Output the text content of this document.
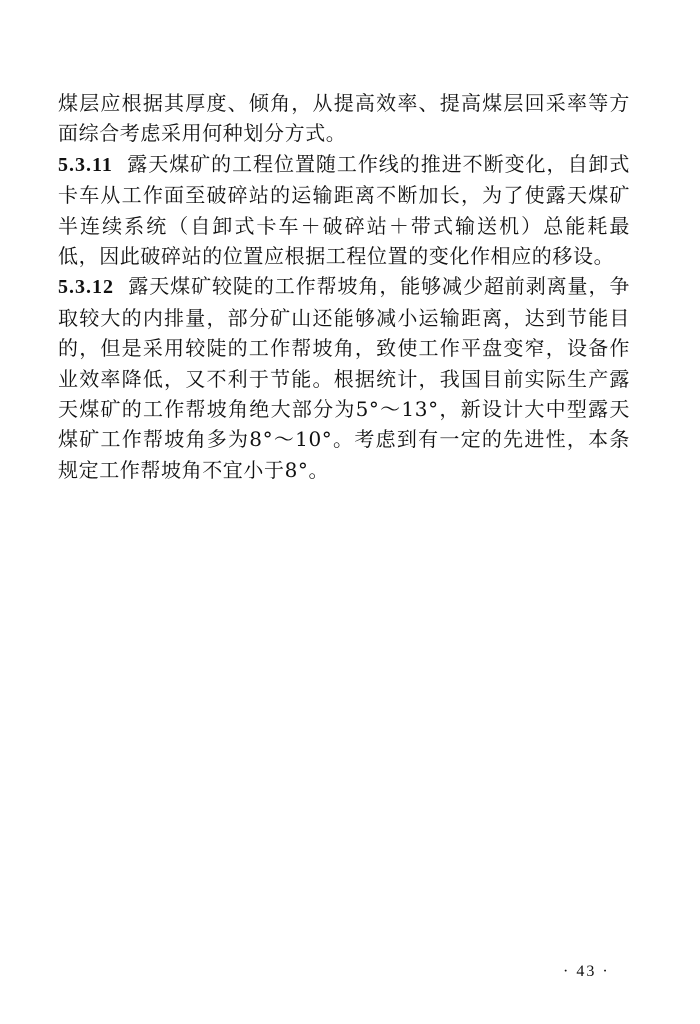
煤层应根据其厚度、倾角，从提高效率、提高煤层回采率等方面综合考虑采用何种划分方式。

5.3.11 露天煤矿的工程位置随工作线的推进不断变化，自卸式卡车从工作面至破碎站的运输距离不断加长，为了使露天煤矿半连续系统（自卸式卡车＋破碎站＋带式输送机）总能耗最低，因此破碎站的位置应根据工程位置的变化作相应的移设。

5.3.12 露天煤矿较陡的工作帮坡角，能够减少超前剥离量，争取较大的内排量，部分矿山还能够减小运输距离，达到节能目的，但是采用较陡的工作帮坡角，致使工作平盘变窄，设备作业效率降低，又不利于节能。根据统计，我国目前实际生产露天煤矿的工作帮坡角绝大部分为5°～13°，新设计大中型露天煤矿工作帮坡角多为8°～10°。考虑到有一定的先进性，本条规定工作帮坡角不宜小于8°。

· 43 ·
